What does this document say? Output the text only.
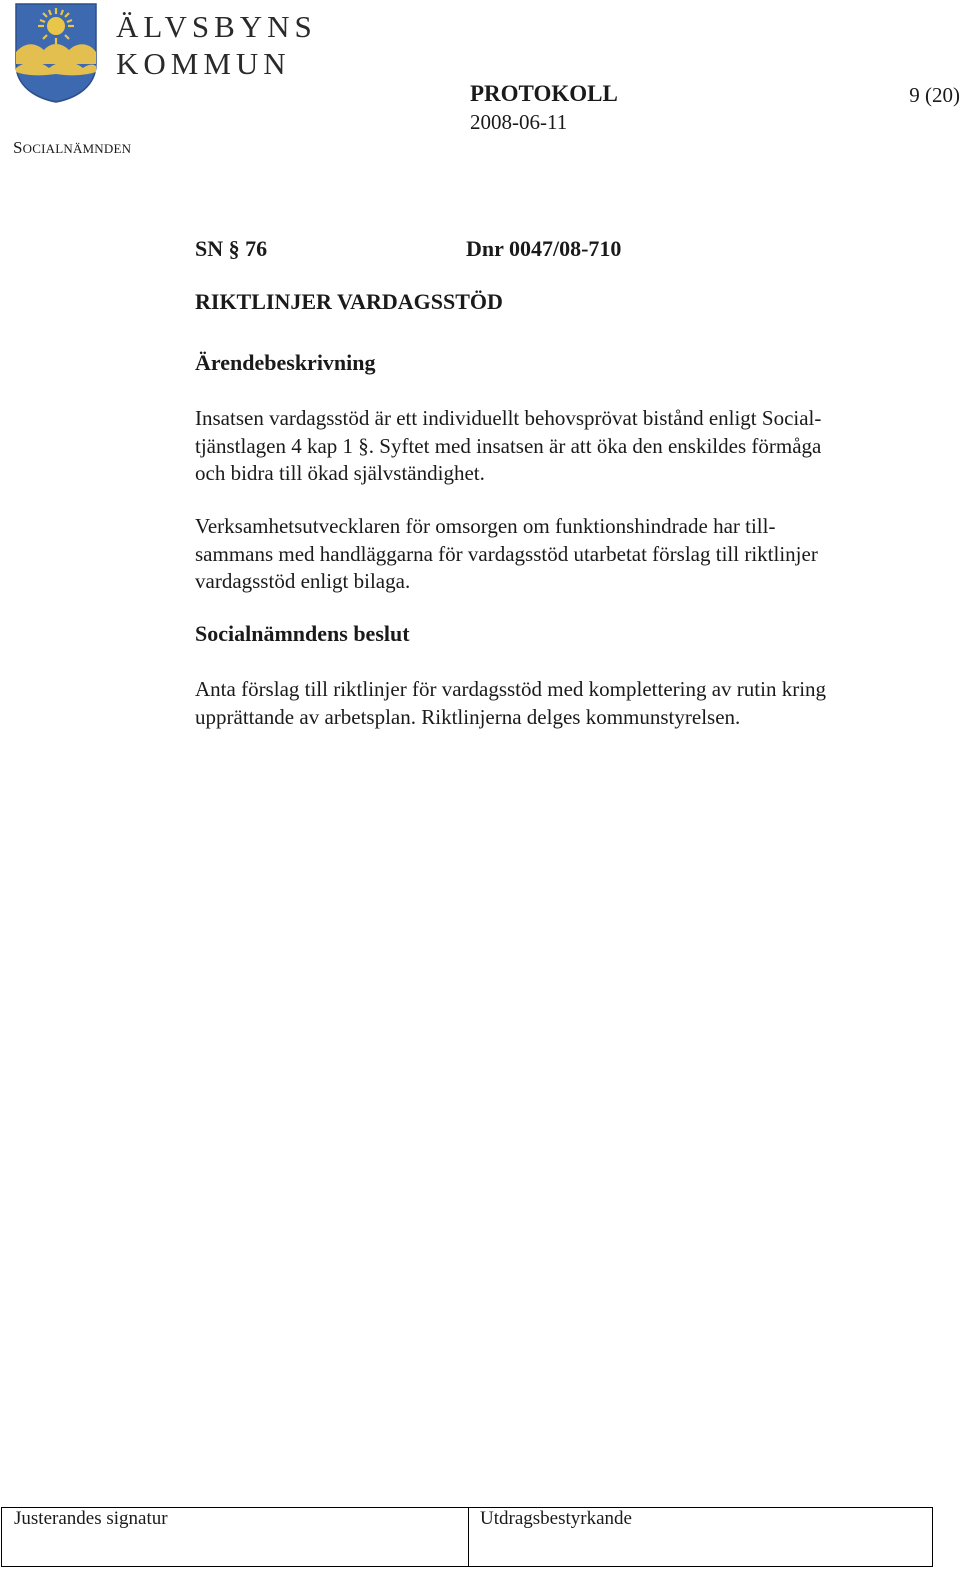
ÄLVSBYNS
KOMMUN
SOCIALNÄMNDEN
PROTOKOLL	9 (20)
2008-06-11
SN § 76	Dnr 0047/08-710
RIKTLINJER VARDAGSSTÖD
Ärendebeskrivning
Insatsen vardagsstöd är ett individuellt behovsprövat bistånd enligt Social-
tjänstlagen 4 kap 1 §. Syftet med insatsen är att öka den enskildes förmåga
och bidra till ökad självständighet.
Verksamhetsutvecklaren för omsorgen om funktionshindrade har till-
sammans med handläggarna för vardagsstöd utarbetat förslag till riktlinjer
vardagsstöd enligt bilaga.
Socialnämndens beslut
Anta förslag till riktlinjer för vardagsstöd med komplettering av rutin kring
upprättande av arbetsplan. Riktlinjerna delges kommunstyrelsen.
Justerandes signatur	Utdragsbestyrkande
